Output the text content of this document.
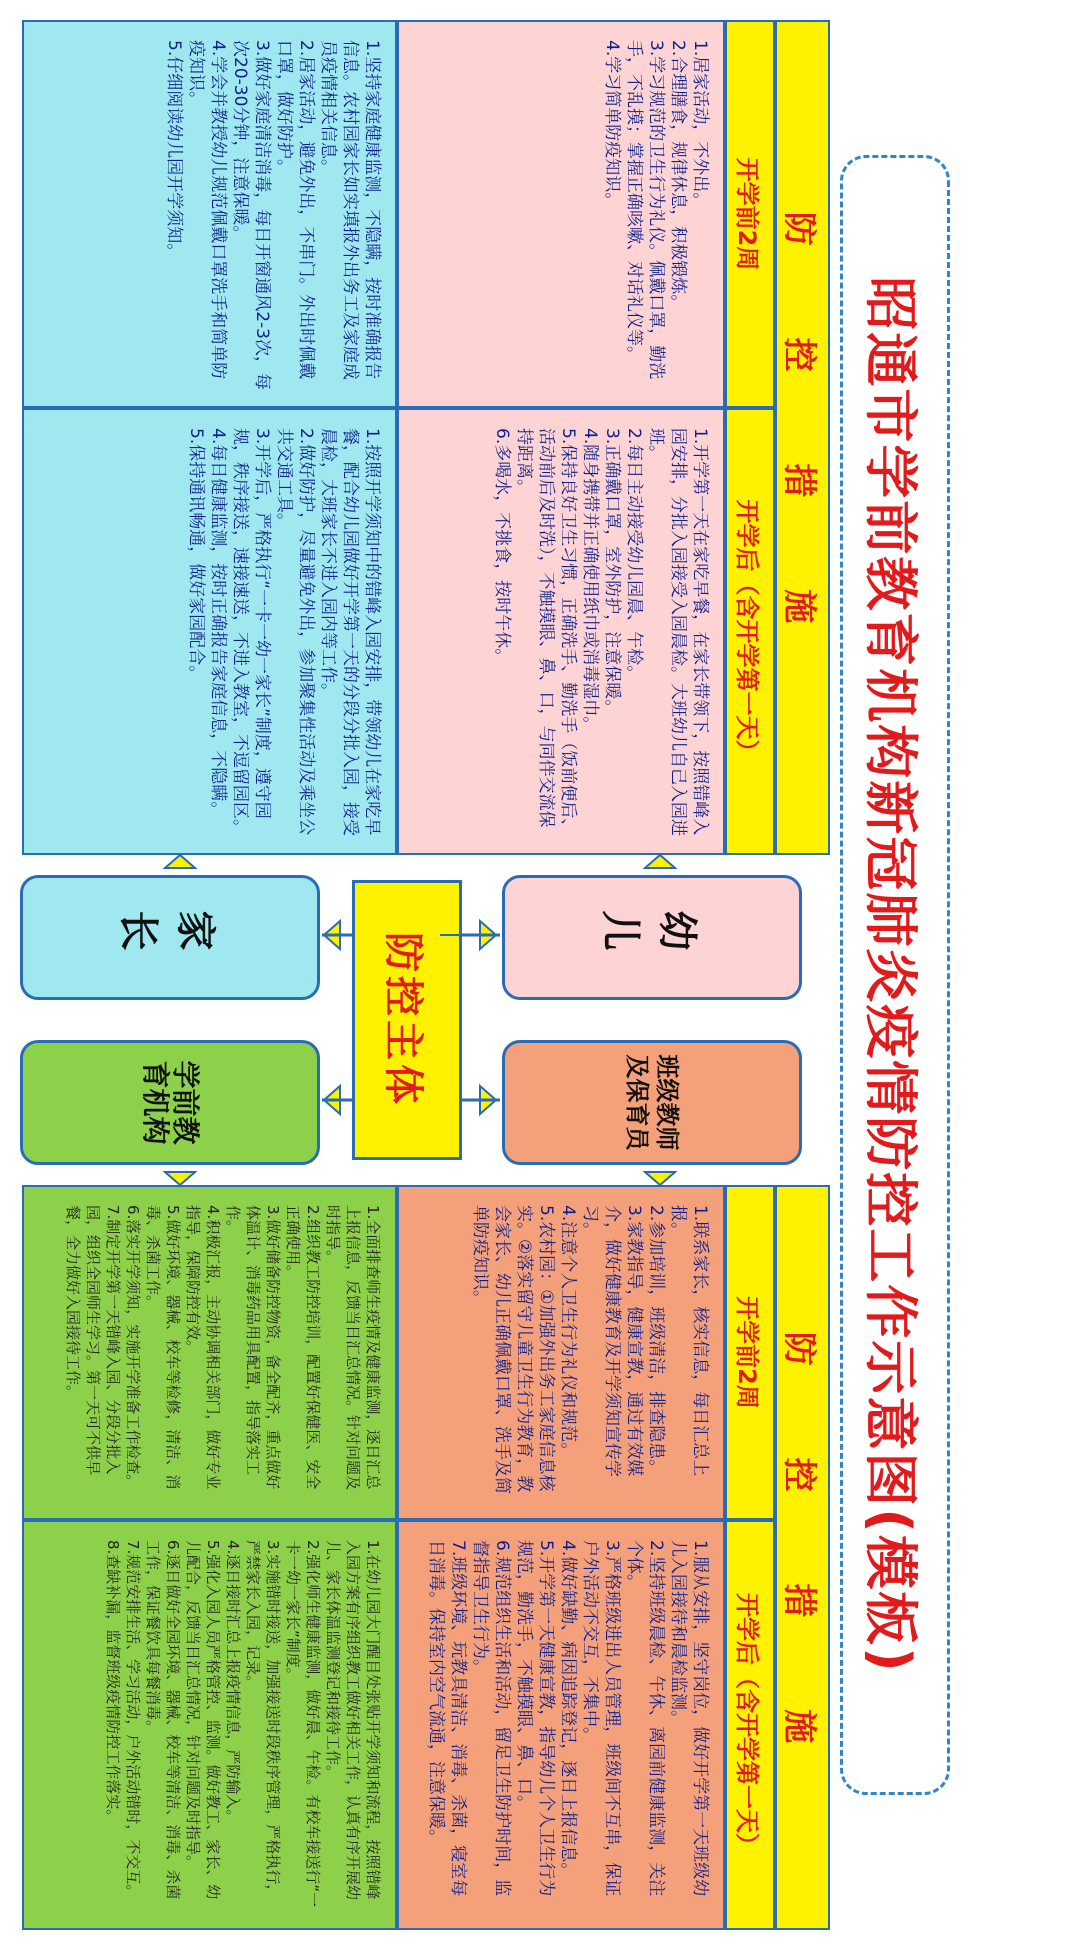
昭通市学前教育机构新冠肺炎疫情防控工作示意图(模板)
防 控 措 施
开学前2周
开学后（含开学第一天）

1.居家活动，不外出。

2.合理膳食，规律休息，积极锻炼。

3.学习规范的卫生行为礼仪。佩戴口罩，勤洗手，不乱摸；掌握正确咳嗽、对话礼仪等。

4.学习简单防疫知识。

1.开学第一天在家吃早餐，在家长带领下，按照错峰入园安排，分批入园接受入园晨检。大班幼儿自己入园进班。

2.每日主动接受幼儿园晨、午检。

3.正确戴口罩，室外防护，注意保暖。

4.随身携带并正确使用纸巾或消毒湿巾。

5.保持良好卫生习惯，正确洗手、勤洗手（饭前便后、活动前后及时洗），不触摸眼、鼻、口，与同伴交流保持距离。

6.多喝水，不挑食，按时午休。

1.坚持家庭健康监测，不隐瞒，按时准确报告信息。农村园家长如实填报外出务工及家庭成员疫情相关信息。

2.居家活动，避免外出，不串门。外出时佩戴口罩，做好防护。

3.做好家庭清洁消毒，每日开窗通风2-3次，每次20-30分钟，注意保暖。

4.学会并教授幼儿规范佩戴口罩洗手和简单防疫知识。

5.仔细阅读幼儿园开学须知。

1.按照开学须知中的错峰入园安排，带领幼儿在家吃早餐，配合幼儿园做好开学第一天的分段分批入园，接受晨检，大班家长不进入园内等工作。

2.做好防护，尽量避免外出，参加聚集性活动及乘坐公共交通工具。

3.开学后，严格执行“一卡一幼一家长”制度，遵守园规，秩序接送，速接速送，不进入教室，不逗留园区。

4.每日健康监测，按时正确报告家庭信息，不隐瞒。

5.保持通讯畅通，做好家园配合。

幼 儿
班级教师及保育员
防控主体
家 长
学前教育机构
防 控 措 施
开学前2周
开学后（含开学第一天）

1.联系家长，核实信息，每日汇总上报。

2.参加培训，班级清洁，排查隐患。

3.家教指导，健康宣教，通过有效媒介，做好健康教育及开学须知宣传学习。

4.注意个人卫生行为礼仪和规范。

5.农村园：①加强外出务工家庭信息核实。②落实留守儿童卫生行为教育，教会家长、幼儿正确佩戴口罩、洗手及简单防疫知识。

1.服从安排，坚守岗位，做好开学第一天班级幼儿入园接待和晨检监测。

2.坚持班级晨检、午休、离园前健康监测，关注个体。

3.严格班级进出人员管理，班级间不互串，保证户外活动不交互，不集中。

4.做好缺勤、病因追踪登记，逐日上报信息。

5.开学第一天健康宣教，指导幼儿个人卫生行为规范，勤洗手，不触摸眼、鼻、口。

6.规范组织生活和活动，留足卫生防护时间，监督指导卫生行为。

7.班级环境、玩教具清洁、消毒、杀菌，寝室每日消毒。保持室内空气流通，注意保暖。

1.全面排查师生疫情及健康监测，逐日汇总上报信息，反馈当日汇总情况。针对问题及时指导。

2.组织教工防控培训，配置好保健医、安全正确使用。

3.做好储备防控物资，备全配齐，重点做好体温计、消毒药品用具配置，指导落实工作。

4.积极汇报，主动协调相关部门，做好专业指导，保障防控有效。

5.做好环境、器械、校车等检修，清洁、消毒、杀菌工作。

6.落实开学须知，实施开学准备工作检查。

7.制定开学第一天错峰入园、分段分批入园，组织全园师生学习。第一天可不供早餐，全力做好入园接待工作。

1.在幼儿园大门醒目处张贴开学须知和流程，按照错峰入园方案有序组织教工做好相关工作，认真有序开展幼儿、家长体温监测登记和接待工作。

2.强化师生健康监测，做好晨、午检。有校车接送行“一卡一幼一家长”制度。

3.实施错时接送，加强接送时段秩序管理，严格执行，严禁家长入园，记录。

4.逐日接时汇总上报疫情信息，严防输入。

5.强化入园人员严格管控、监测。做好教工、家长、幼儿配合，反馈当日汇总情况，针对问题及时指导。

6.逐日做好全园环境、器械、校车等清洁、消毒、杀菌工作，保证餐饮具每餐消毒。

7.规范安排生活、学习活动，户外活动错时，不交互。

8.查缺补漏，监督班级疫情防控工作落实。
